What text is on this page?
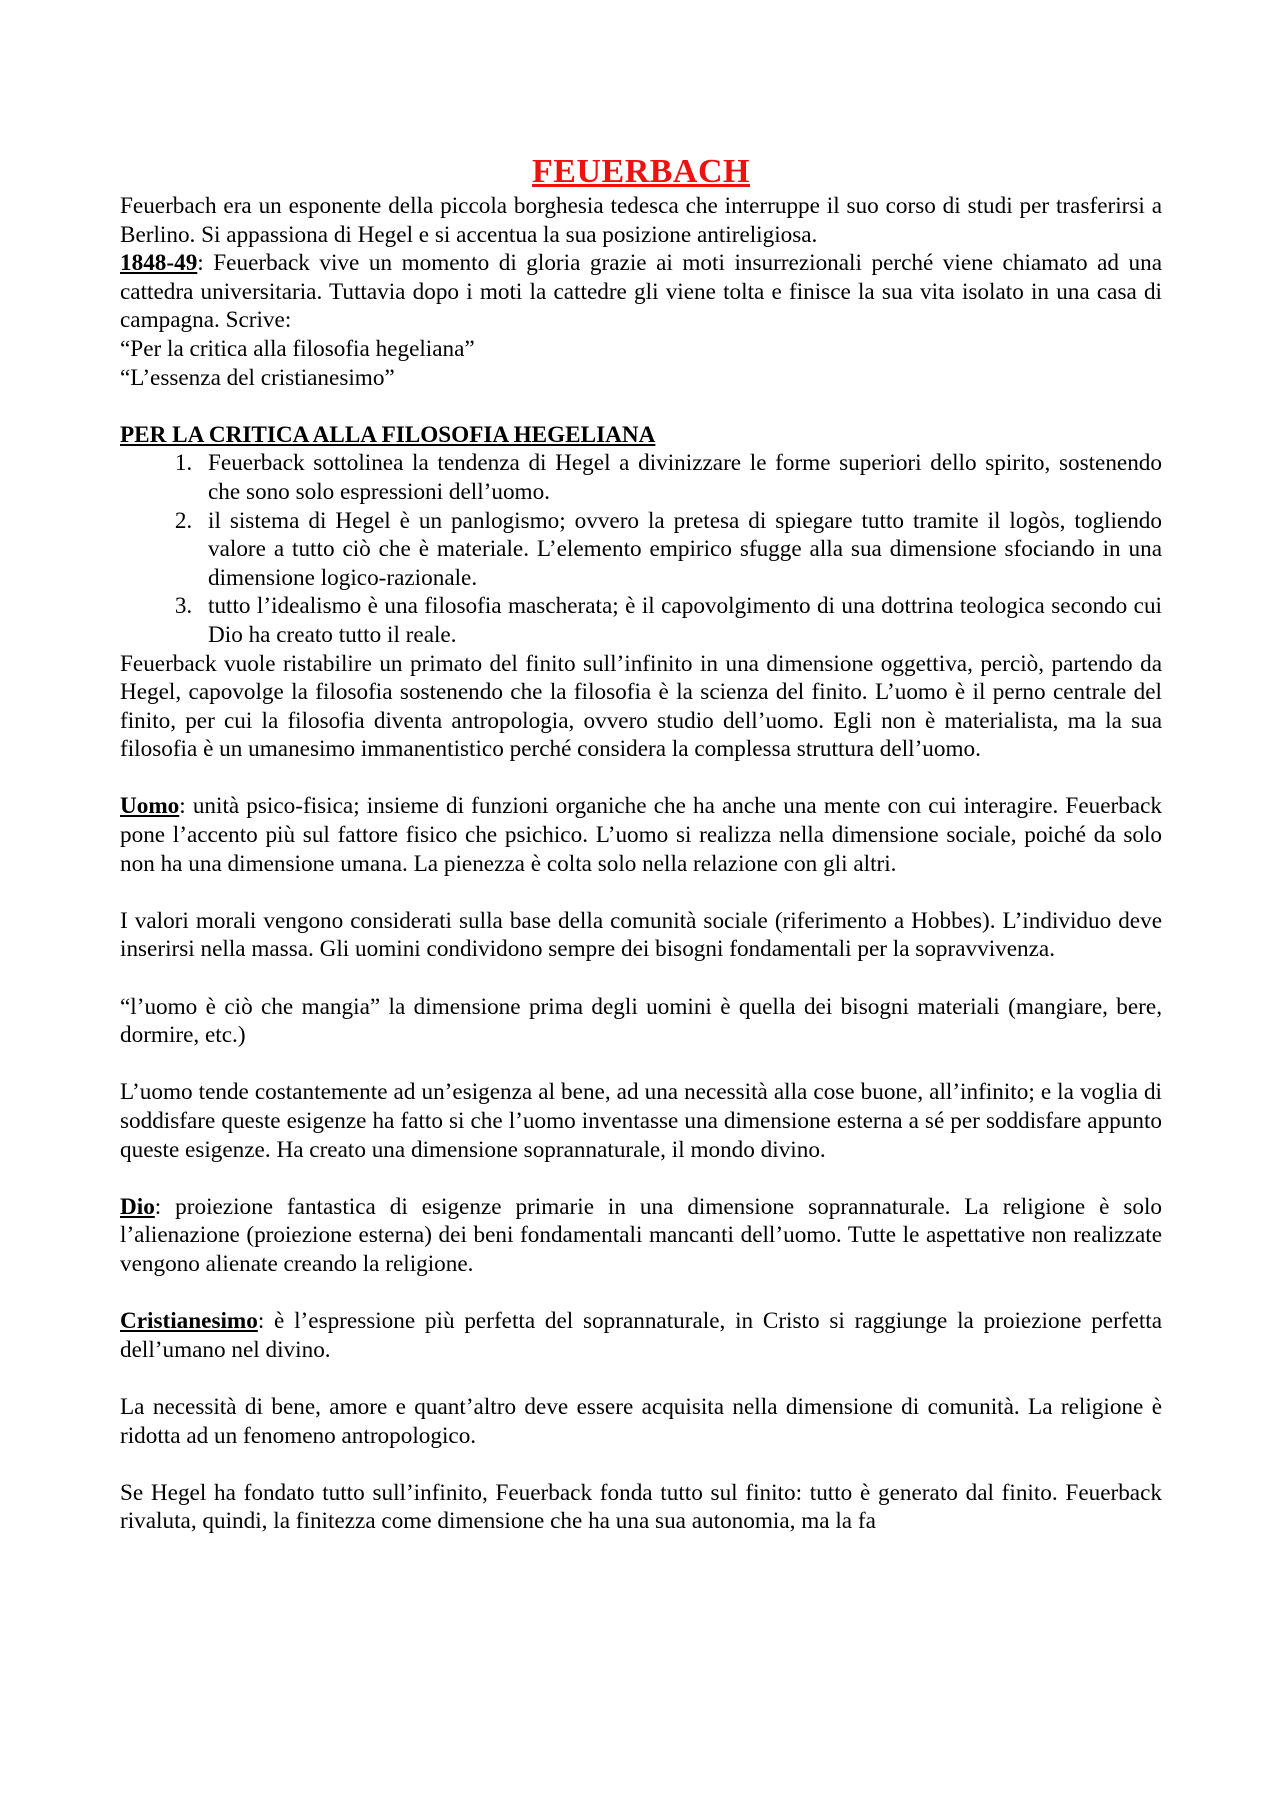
FEUERBACH

Feuerbach era un esponente della piccola borghesia tedesca che interruppe il suo corso di studi per trasferirsi a Berlino. Si appassiona di Hegel e si accentua la sua posizione antireligiosa.

1848-49: Feuerback vive un momento di gloria grazie ai moti insurrezionali perché viene chiamato ad una cattedra universitaria. Tuttavia dopo i moti la cattedre gli viene tolta e finisce la sua vita isolato in una casa di campagna. Scrive:

“Per la critica alla filosofia hegeliana”

“L’essenza del cristianesimo”

PER LA CRITICA ALLA FILOSOFIA HEGELIANA

1. Feuerback sottolinea la tendenza di Hegel a divinizzare le forme superiori dello spirito, sostenendo che sono solo espressioni dell’uomo.
2. il sistema di Hegel è un panlogismo; ovvero la pretesa di spiegare tutto tramite il logòs, togliendo valore a tutto ciò che è materiale. L’elemento empirico sfugge alla sua dimensione sfociando in una dimensione logico-razionale.
3. tutto l’idealismo è una filosofia mascherata; è il capovolgimento di una dottrina teologica secondo cui Dio ha creato tutto il reale.

Feuerback vuole ristabilire un primato del finito sull’infinito in una dimensione oggettiva, perciò, partendo da Hegel, capovolge la filosofia sostenendo che la filosofia è la scienza del finito. L’uomo è il perno centrale del finito, per cui la filosofia diventa antropologia, ovvero studio dell’uomo. Egli non è materialista, ma la sua filosofia è un umanesimo immanentistico perché considera la complessa struttura dell’uomo.

Uomo: unità psico-fisica; insieme di funzioni organiche che ha anche una mente con cui interagire. Feuerback pone l’accento più sul fattore fisico che psichico. L’uomo si realizza nella dimensione sociale, poiché da solo non ha una dimensione umana. La pienezza è colta solo nella relazione con gli altri.

I valori morali vengono considerati sulla base della comunità sociale (riferimento a Hobbes). L’individuo deve inserirsi nella massa. Gli uomini condividono sempre dei bisogni fondamentali per la sopravvivenza.

“l’uomo è ciò che mangia” la dimensione prima degli uomini è quella dei bisogni materiali (mangiare, bere, dormire, etc.)

L’uomo tende costantemente ad un’esigenza al bene, ad una necessità alla cose buone, all’infinito; e la voglia di soddisfare queste esigenze ha fatto si che l’uomo inventasse una dimensione esterna a sé per soddisfare appunto queste esigenze. Ha creato una dimensione soprannaturale, il mondo divino.

Dio: proiezione fantastica di esigenze primarie in una dimensione soprannaturale. La religione è solo l’alienazione (proiezione esterna) dei beni fondamentali mancanti dell’uomo. Tutte le aspettative non realizzate vengono alienate creando la religione.

Cristianesimo: è l’espressione più perfetta del soprannaturale, in Cristo si raggiunge la proiezione perfetta dell’umano nel divino.

La necessità di bene, amore e quant’altro deve essere acquisita nella dimensione di comunità. La religione è ridotta ad un fenomeno antropologico.

Se Hegel ha fondato tutto sull’infinito, Feuerback fonda tutto sul finito: tutto è generato dal finito. Feuerback rivaluta, quindi, la finitezza come dimensione che ha una sua autonomia, ma la fa
